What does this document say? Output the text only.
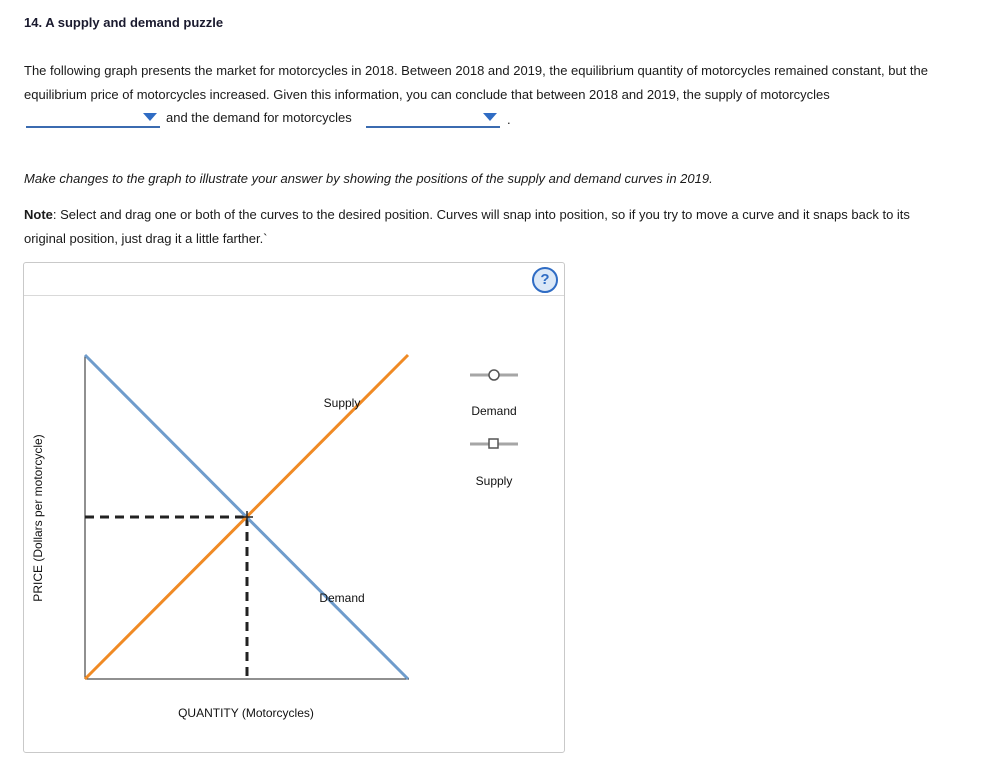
14. A supply and demand puzzle
The following graph presents the market for motorcycles in 2018. Between 2018 and 2019, the equilibrium quantity of motorcycles remained constant, but the equilibrium price of motorcycles increased. Given this information, you can conclude that between 2018 and 2019, the supply of motorcycles
and the demand for motorcycles	.
Make changes to the graph to illustrate your answer by showing the positions of the supply and demand curves in 2019.
Note: Select and drag one or both of the curves to the desired position. Curves will snap into position, so if you try to move a curve and it snaps back to its original position, just drag it a little farther.`
?
PRICE (Dollars per motorcycle)
QUANTITY (Motorcycles)
Supply
Demand
Demand
Supply
